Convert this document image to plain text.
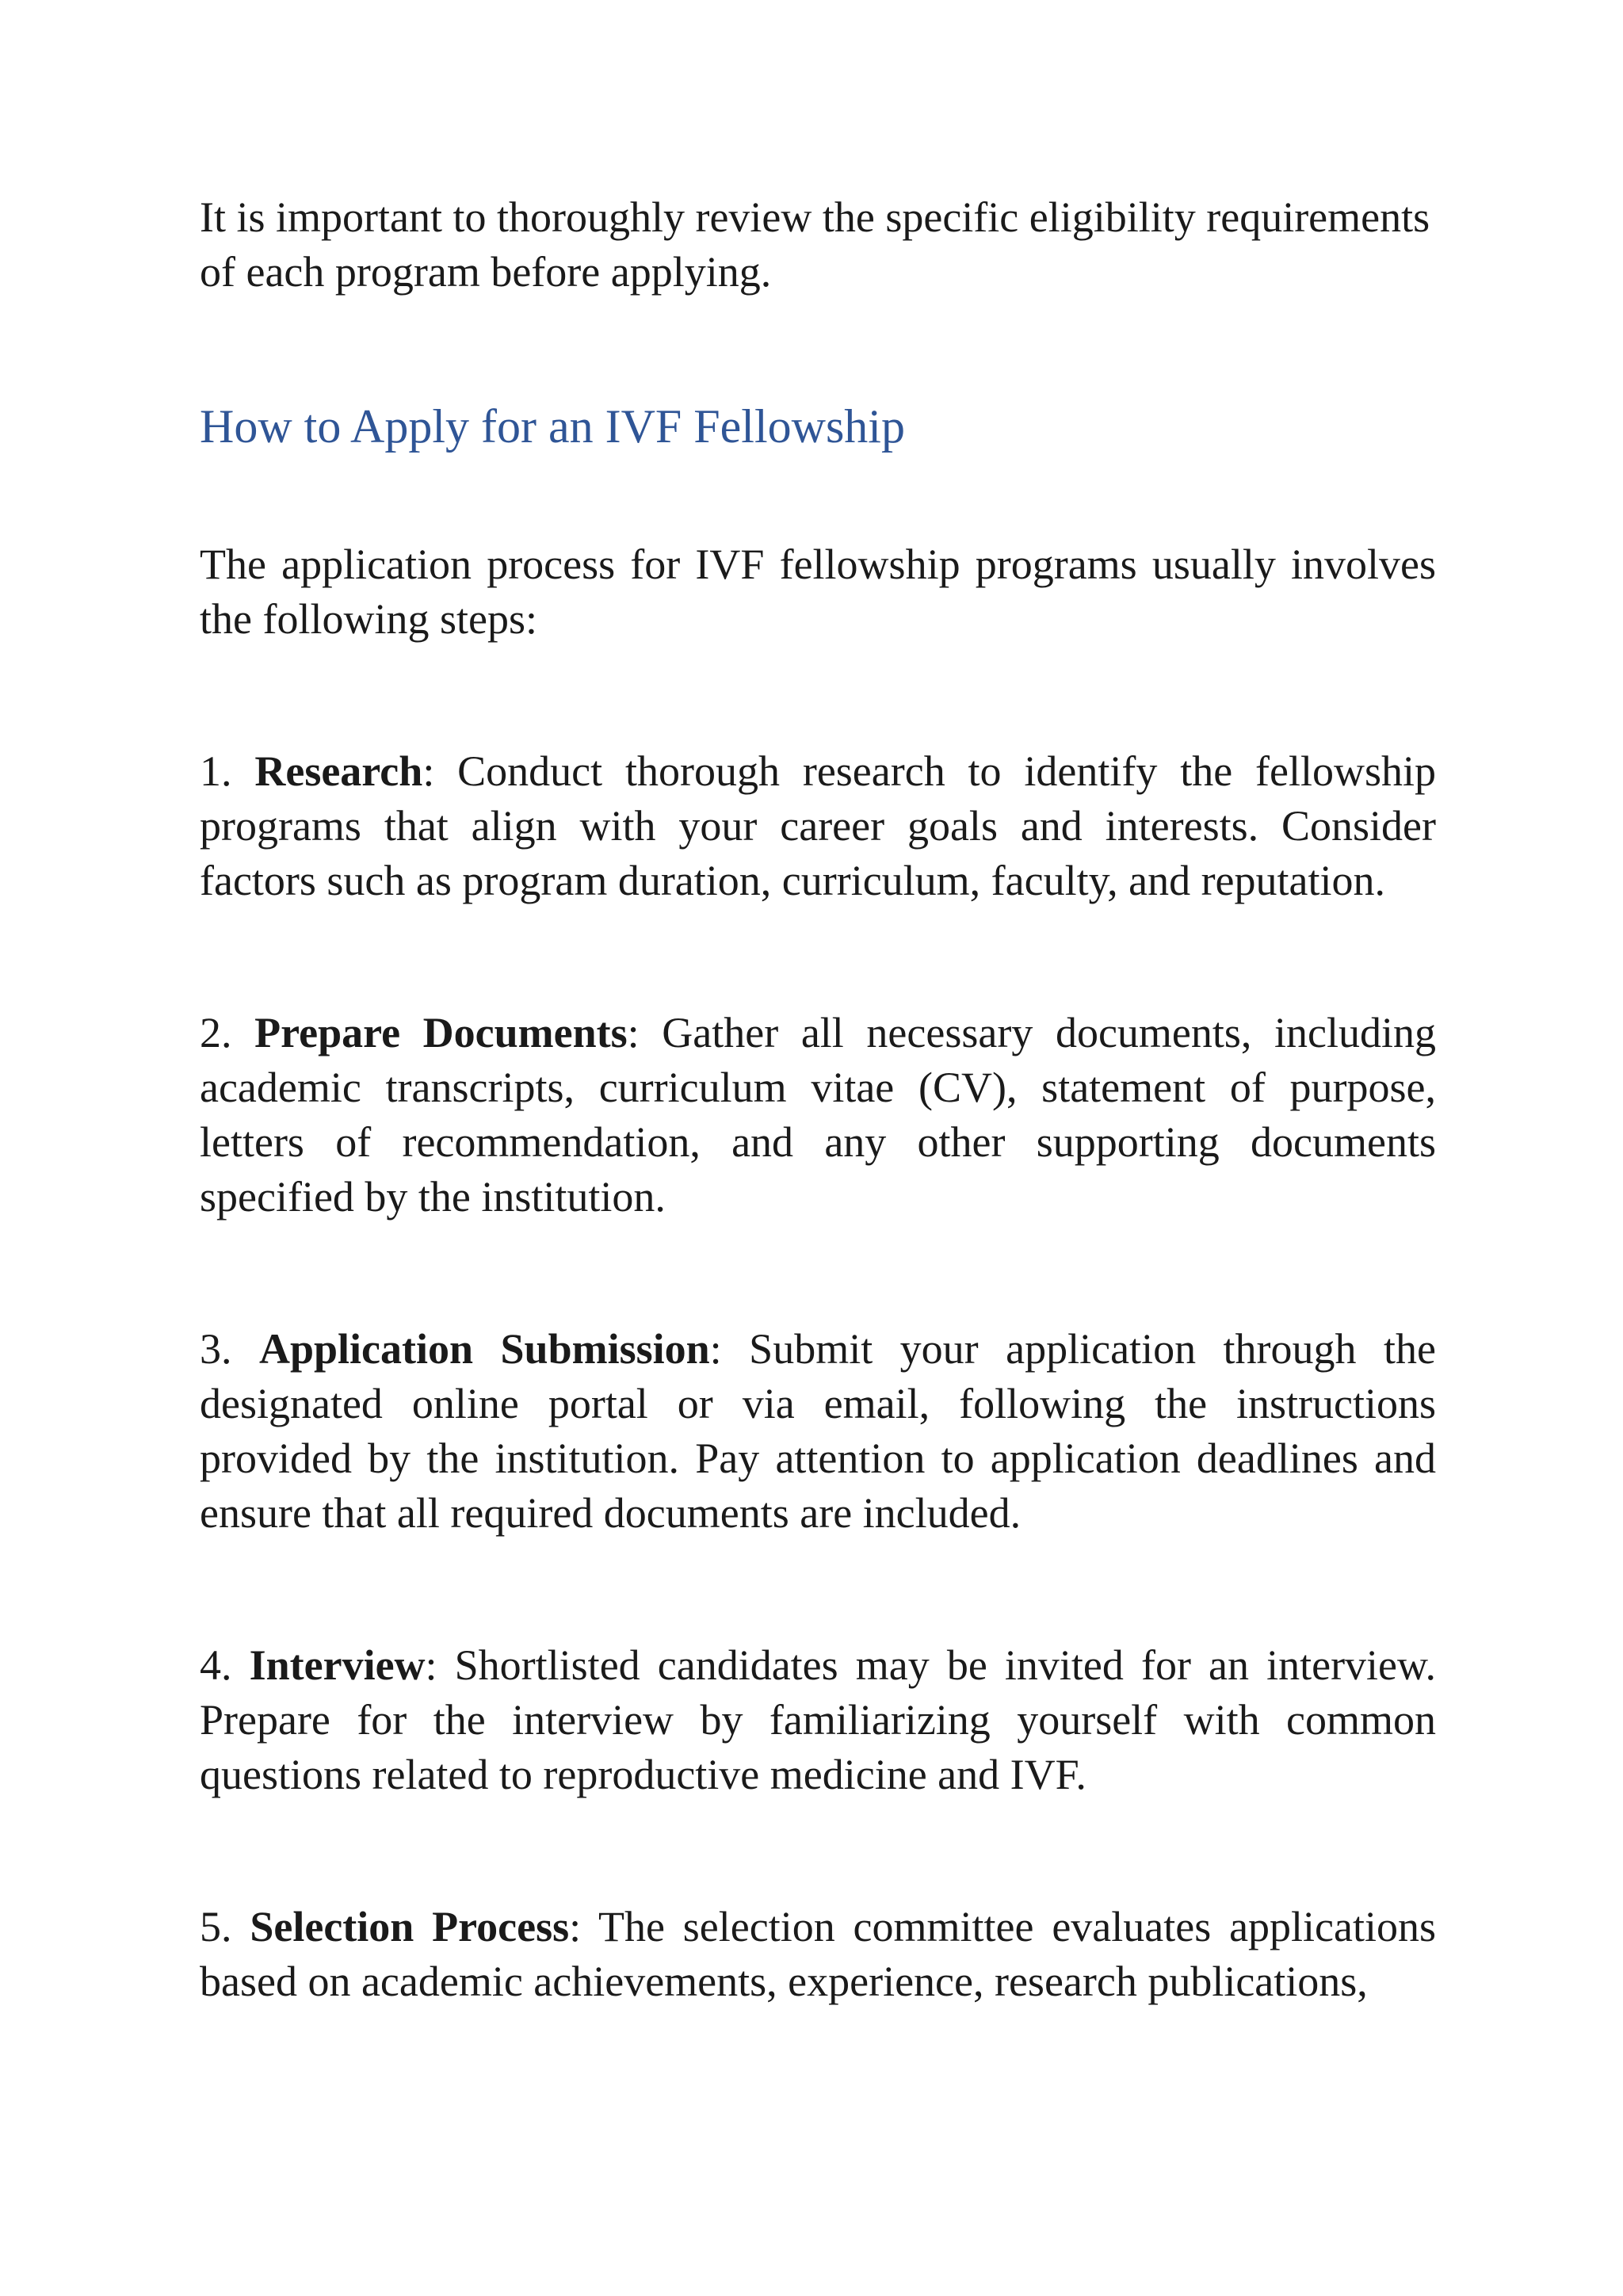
It is important to thoroughly review the specific eligibility requirements of each program before applying.

How to Apply for an IVF Fellowship

The application process for IVF fellowship programs usually involves the following steps:

1. Research: Conduct thorough research to identify the fellowship programs that align with your career goals and interests. Consider factors such as program duration, curriculum, faculty, and reputation.

2. Prepare Documents: Gather all necessary documents, including academic transcripts, curriculum vitae (CV), statement of purpose, letters of recommendation, and any other supporting documents specified by the institution.

3. Application Submission: Submit your application through the designated online portal or via email, following the instructions provided by the institution. Pay attention to application deadlines and ensure that all required documents are included.

4. Interview: Shortlisted candidates may be invited for an interview. Prepare for the interview by familiarizing yourself with common questions related to reproductive medicine and IVF.

5. Selection Process: The selection committee evaluates applications based on academic achievements, experience, research publications,
